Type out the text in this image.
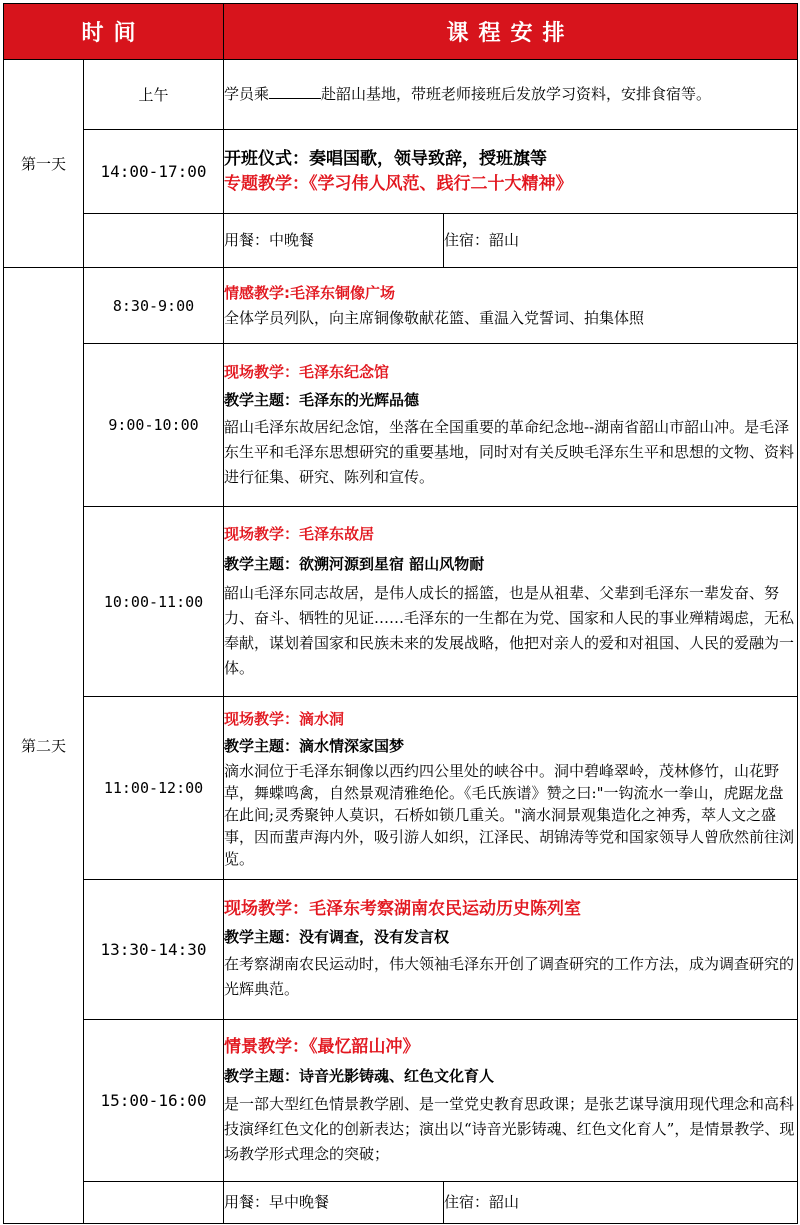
时间		课程安排	
第一天	上午	学员乘 赴韶山基地，带班老师接班后发放学习资料，安排食宿等。	
	14:00-17:00	开班仪式：奏唱国歌，领导致辞，授班旗等
专题教学：《学习伟人风范、践行二十大精神》	

		用餐：中晚餐	住宿：韶山
第二天	8:30-9:00	情感教学:毛泽东铜像广场
全体学员列队，向主席铜像敬献花篮、重温入党誓词、拍集体照	

	9:00-10:00	现场教学：毛泽东纪念馆
教学主题：毛泽东的光辉品德
韶山毛泽东故居纪念馆，坐落在全国重要的革命纪念地--湖南省韶山市韶山冲。是毛泽东生平和毛泽东思想研究的重要基地，同时对有关反映毛泽东生平和思想的文物、资料进行征集、研究、陈列和宣传。	

	10:00-11:00	现场教学：毛泽东故居
教学主题：欲溯河源到星宿 韶山风物耐
韶山毛泽东同志故居，是伟人成长的摇篮，也是从祖辈、父辈到毛泽东一辈发奋、努力、奋斗、牺牲的见证……毛泽东的一生都在为党、国家和人民的事业殚精竭虑，无私奉献，谋划着国家和民族未来的发展战略，他把对亲人的爱和对祖国、人民的爱融为一体。	

	11:00-12:00	现场教学：滴水洞
教学主题：滴水情深家国梦
滴水洞位于毛泽东铜像以西约四公里处的峡谷中。洞中碧峰翠岭，茂林修竹，山花野草，舞蝶鸣禽，自然景观清雅绝伦。《毛氏族谱》赞之曰:"一钩流水一拳山，虎踞龙盘在此间;灵秀聚钟人莫识，石桥如锁几重关。"滴水洞景观集造化之神秀，萃人文之盛事，因而蜚声海内外，吸引游人如织，江泽民、胡锦涛等党和国家领导人曾欣然前往浏览。	

	13:30-14:30	现场教学：毛泽东考察湖南农民运动历史陈列室
教学主题：没有调查，没有发言权
在考察湖南农民运动时，伟大领袖毛泽东开创了调查研究的工作方法，成为调查研究的光辉典范。	

	15:00-16:00	情景教学：《最忆韶山冲》
教学主题：诗音光影铸魂、红色文化育人
是一部大型红色情景教学剧、是一堂党史教育思政课；是张艺谋导演用现代理念和高科技演绎红色文化的创新表达；演出以“诗音光影铸魂、红色文化育人”，是情景教学、现场教学形式理念的突破；	

		用餐：早中晚餐	住宿：韶山
